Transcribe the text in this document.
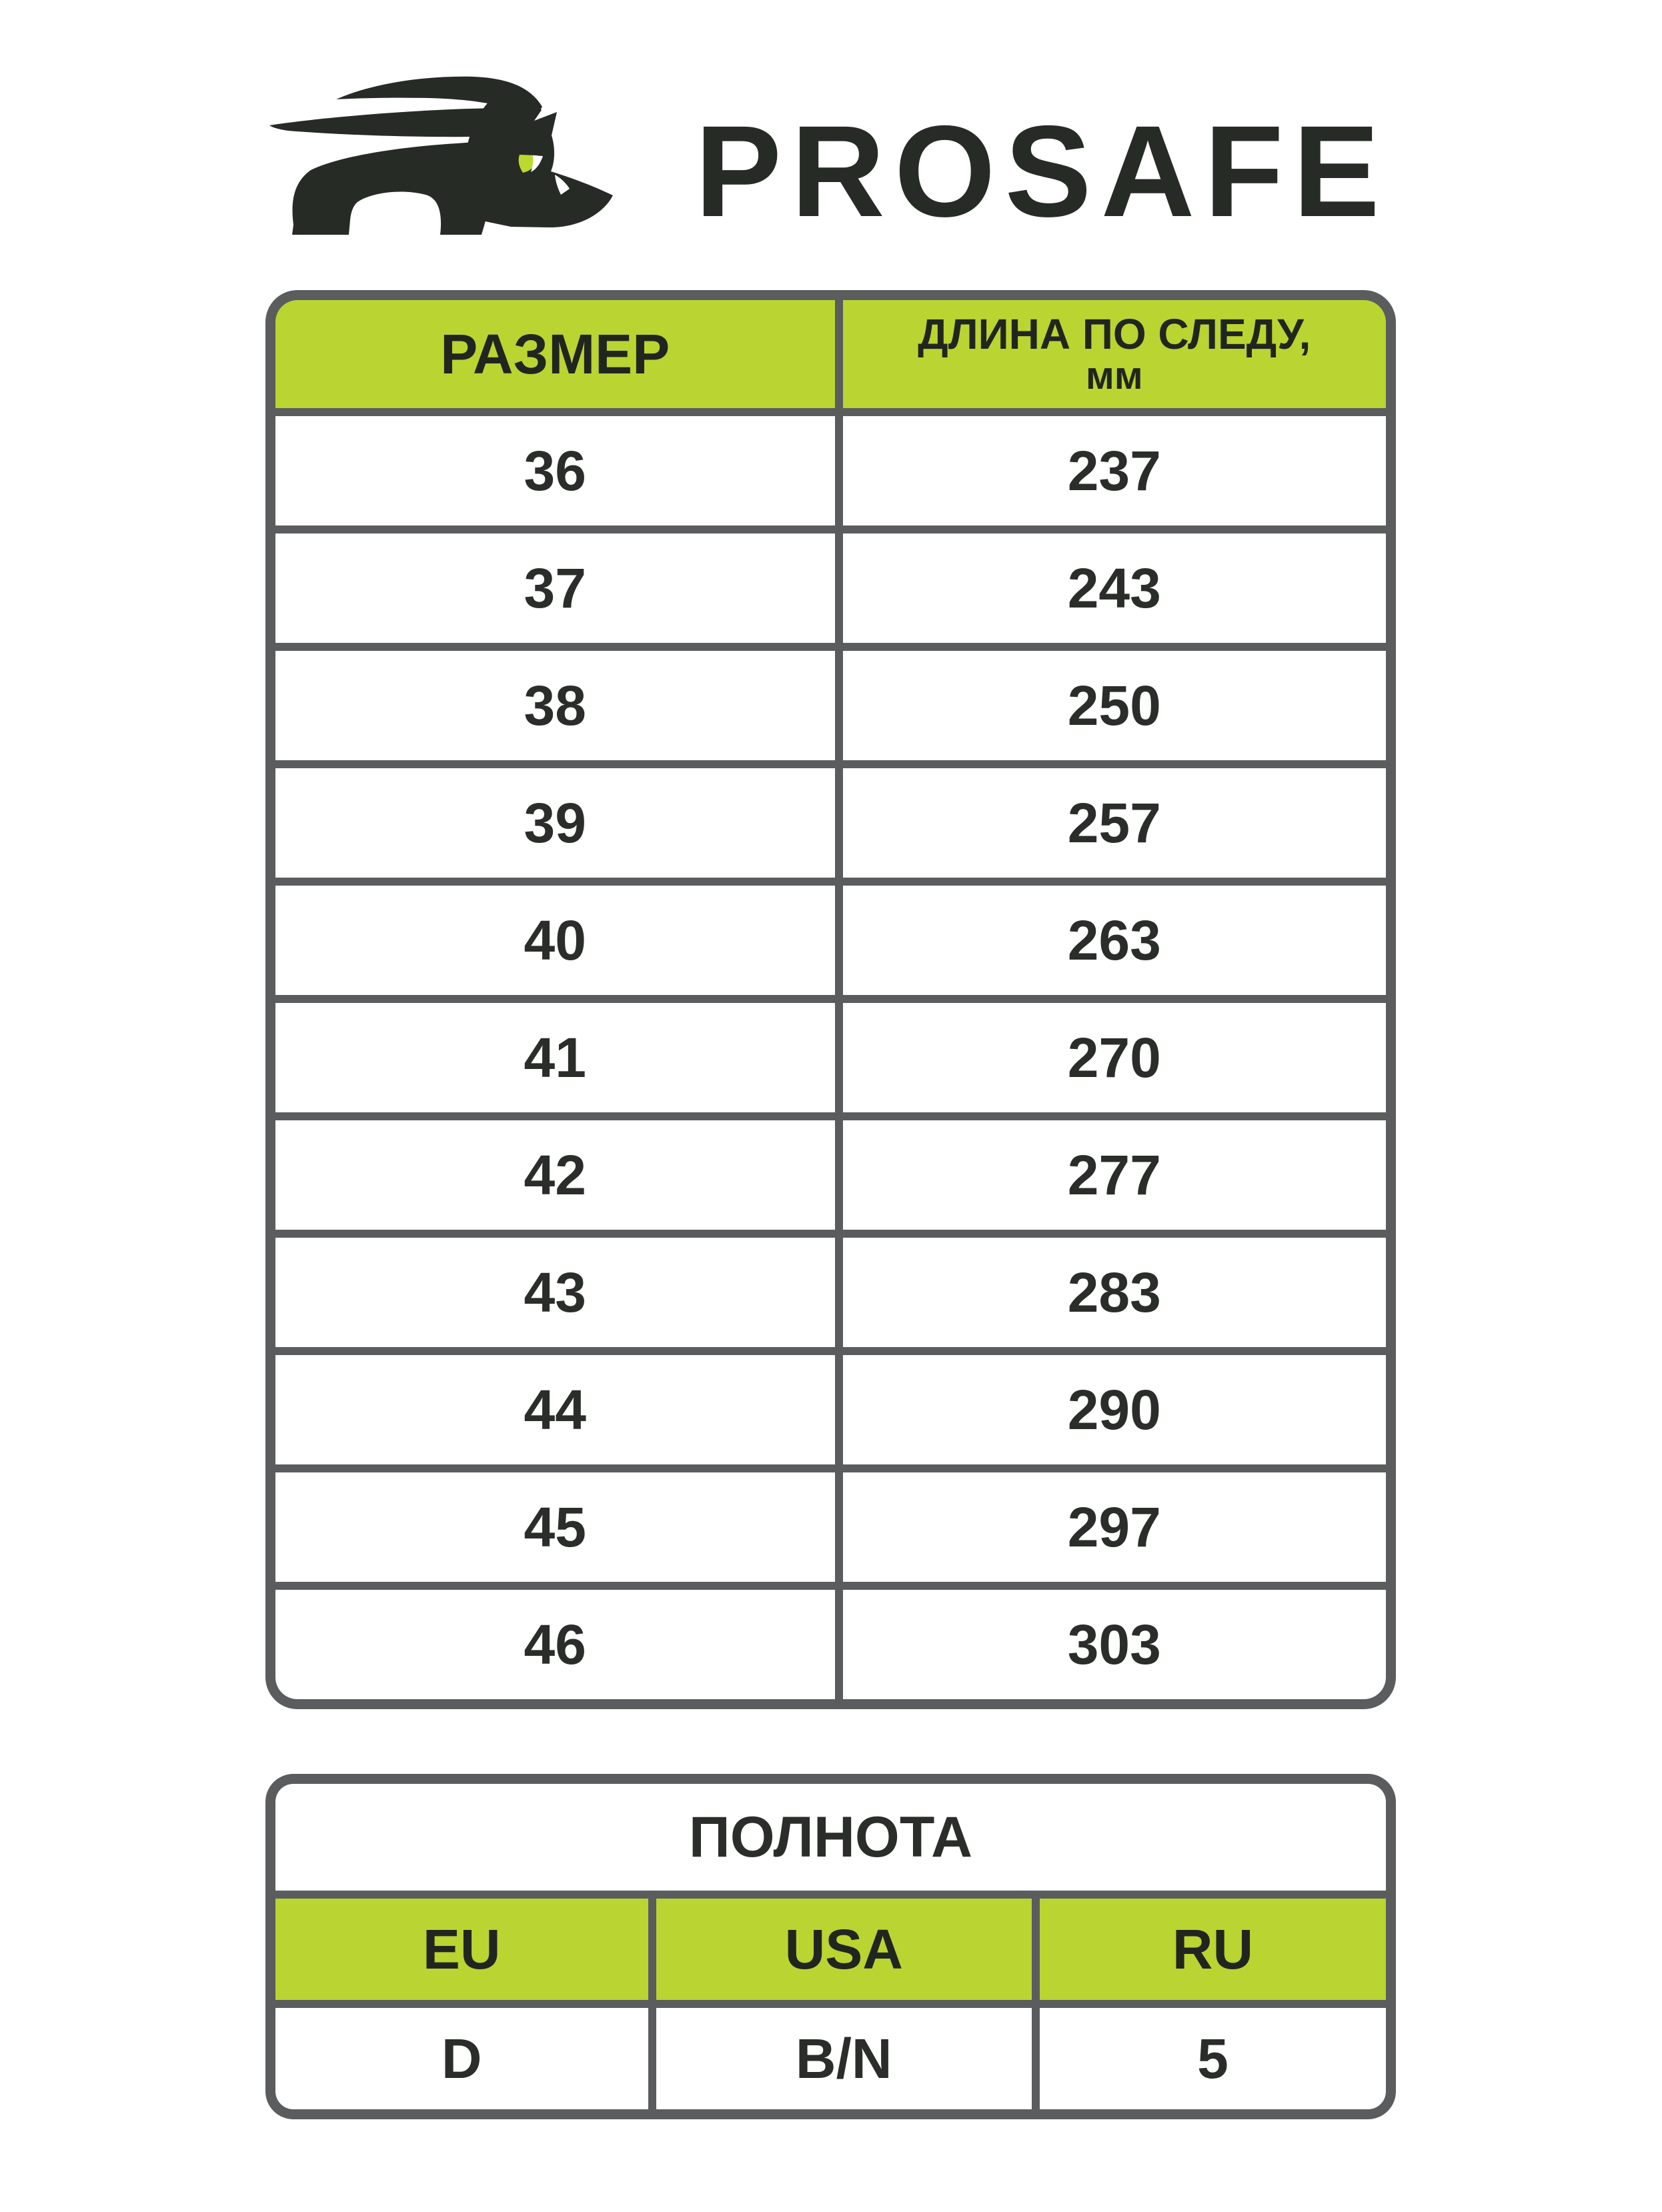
PROSAFE
РАЗМЕР	ДЛИНА ПО СЛЕДУ,
мм
36	237
37	243
38	250
39	257
40	263
41	270
42	277
43	283
44	290
45	297
46	303
ПОЛНОТА
EU	USA	RU
D	B/N	5
